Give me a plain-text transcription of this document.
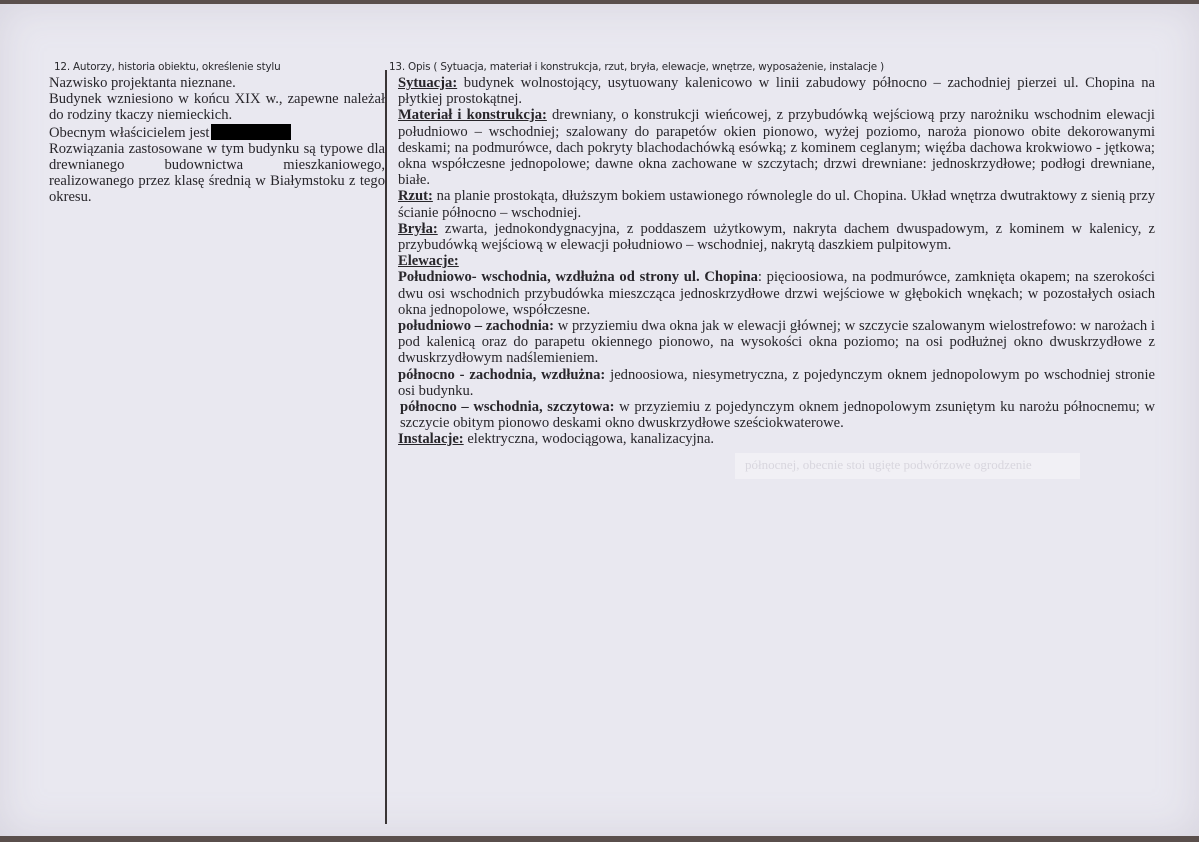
12. Autorzy, historia obiektu, określenie stylu	13. Opis ( Sytuacja, materiał i konstrukcja, rzut, bryła, elewacje, wnętrze, wyposażenie, instalacje )

Nazwisko projektanta nieznane.

Budynek wzniesiono w końcu XIX w., zapewne należał do rodziny tkaczy niemieckich.

Obecnym właścicielem jest

Rozwiązania zastosowane w tym budynku są typowe dla drewnianego budownictwa mieszkaniowego, realizowanego przez klasę średnią w Białymstoku z tego okresu.

Sytuacja: budynek wolnostojący, usytuowany kalenicowo w linii zabudowy północno – zachodniej pierzei ul. Chopina na płytkiej prostokątnej.

Materiał i konstrukcja: drewniany, o konstrukcji wieńcowej, z przybudówką wejściową przy narożniku wschodnim elewacji południowo – wschodniej; szalowany do parapetów okien pionowo, wyżej poziomo, naroża pionowo obite dekorowanymi deskami; na podmurówce, dach pokryty blachodachówką esówką; z kominem ceglanym; więźba dachowa krokwiowo - jętkowa; okna współczesne jednopolowe; dawne okna zachowane w szczytach; drzwi drewniane: jednoskrzydłowe; podłogi drewniane, białe.

Rzut: na planie prostokąta, dłuższym bokiem ustawionego równolegle do ul. Chopina. Układ wnętrza dwutraktowy z sienią przy ścianie północno – wschodniej.

Bryła: zwarta, jednokondygnacyjna, z poddaszem użytkowym, nakryta dachem dwuspadowym, z kominem w kalenicy, z przybudówką wejściową w elewacji południowo – wschodniej, nakrytą daszkiem pulpitowym.

Elewacje:

Południowo- wschodnia, wzdłużna od strony ul. Chopina: pięcioosiowa, na podmurówce, zamknięta okapem; na szerokości dwu osi wschodnich przybudówka mieszcząca jednoskrzydłowe drzwi wejściowe w głębokich wnękach; w pozostałych osiach okna jednopolowe, współczesne.

południowo – zachodnia: w przyziemiu dwa okna jak w elewacji głównej; w szczycie szalowanym wielostrefowo: w narożach i pod kalenicą oraz do parapetu okiennego pionowo, na wysokości okna poziomo; na osi podłużnej okno dwuskrzydłowe z dwuskrzydłowym nadślemieniem.

północno - zachodnia, wzdłużna: jednoosiowa, niesymetryczna, z pojedynczym oknem jednopolowym po wschodniej stronie osi budynku.

północno – wschodnia, szczytowa: w przyziemiu z pojedynczym oknem jednopolowym zsuniętym ku narożu północnemu; w szczycie obitym pionowo deskami okno dwuskrzydłowe sześciokwaterowe.

Instalacje: elektryczna, wodociągowa, kanalizacyjna.

północnej, obecnie stoi ugięte podwórzowe ogrodzenie
